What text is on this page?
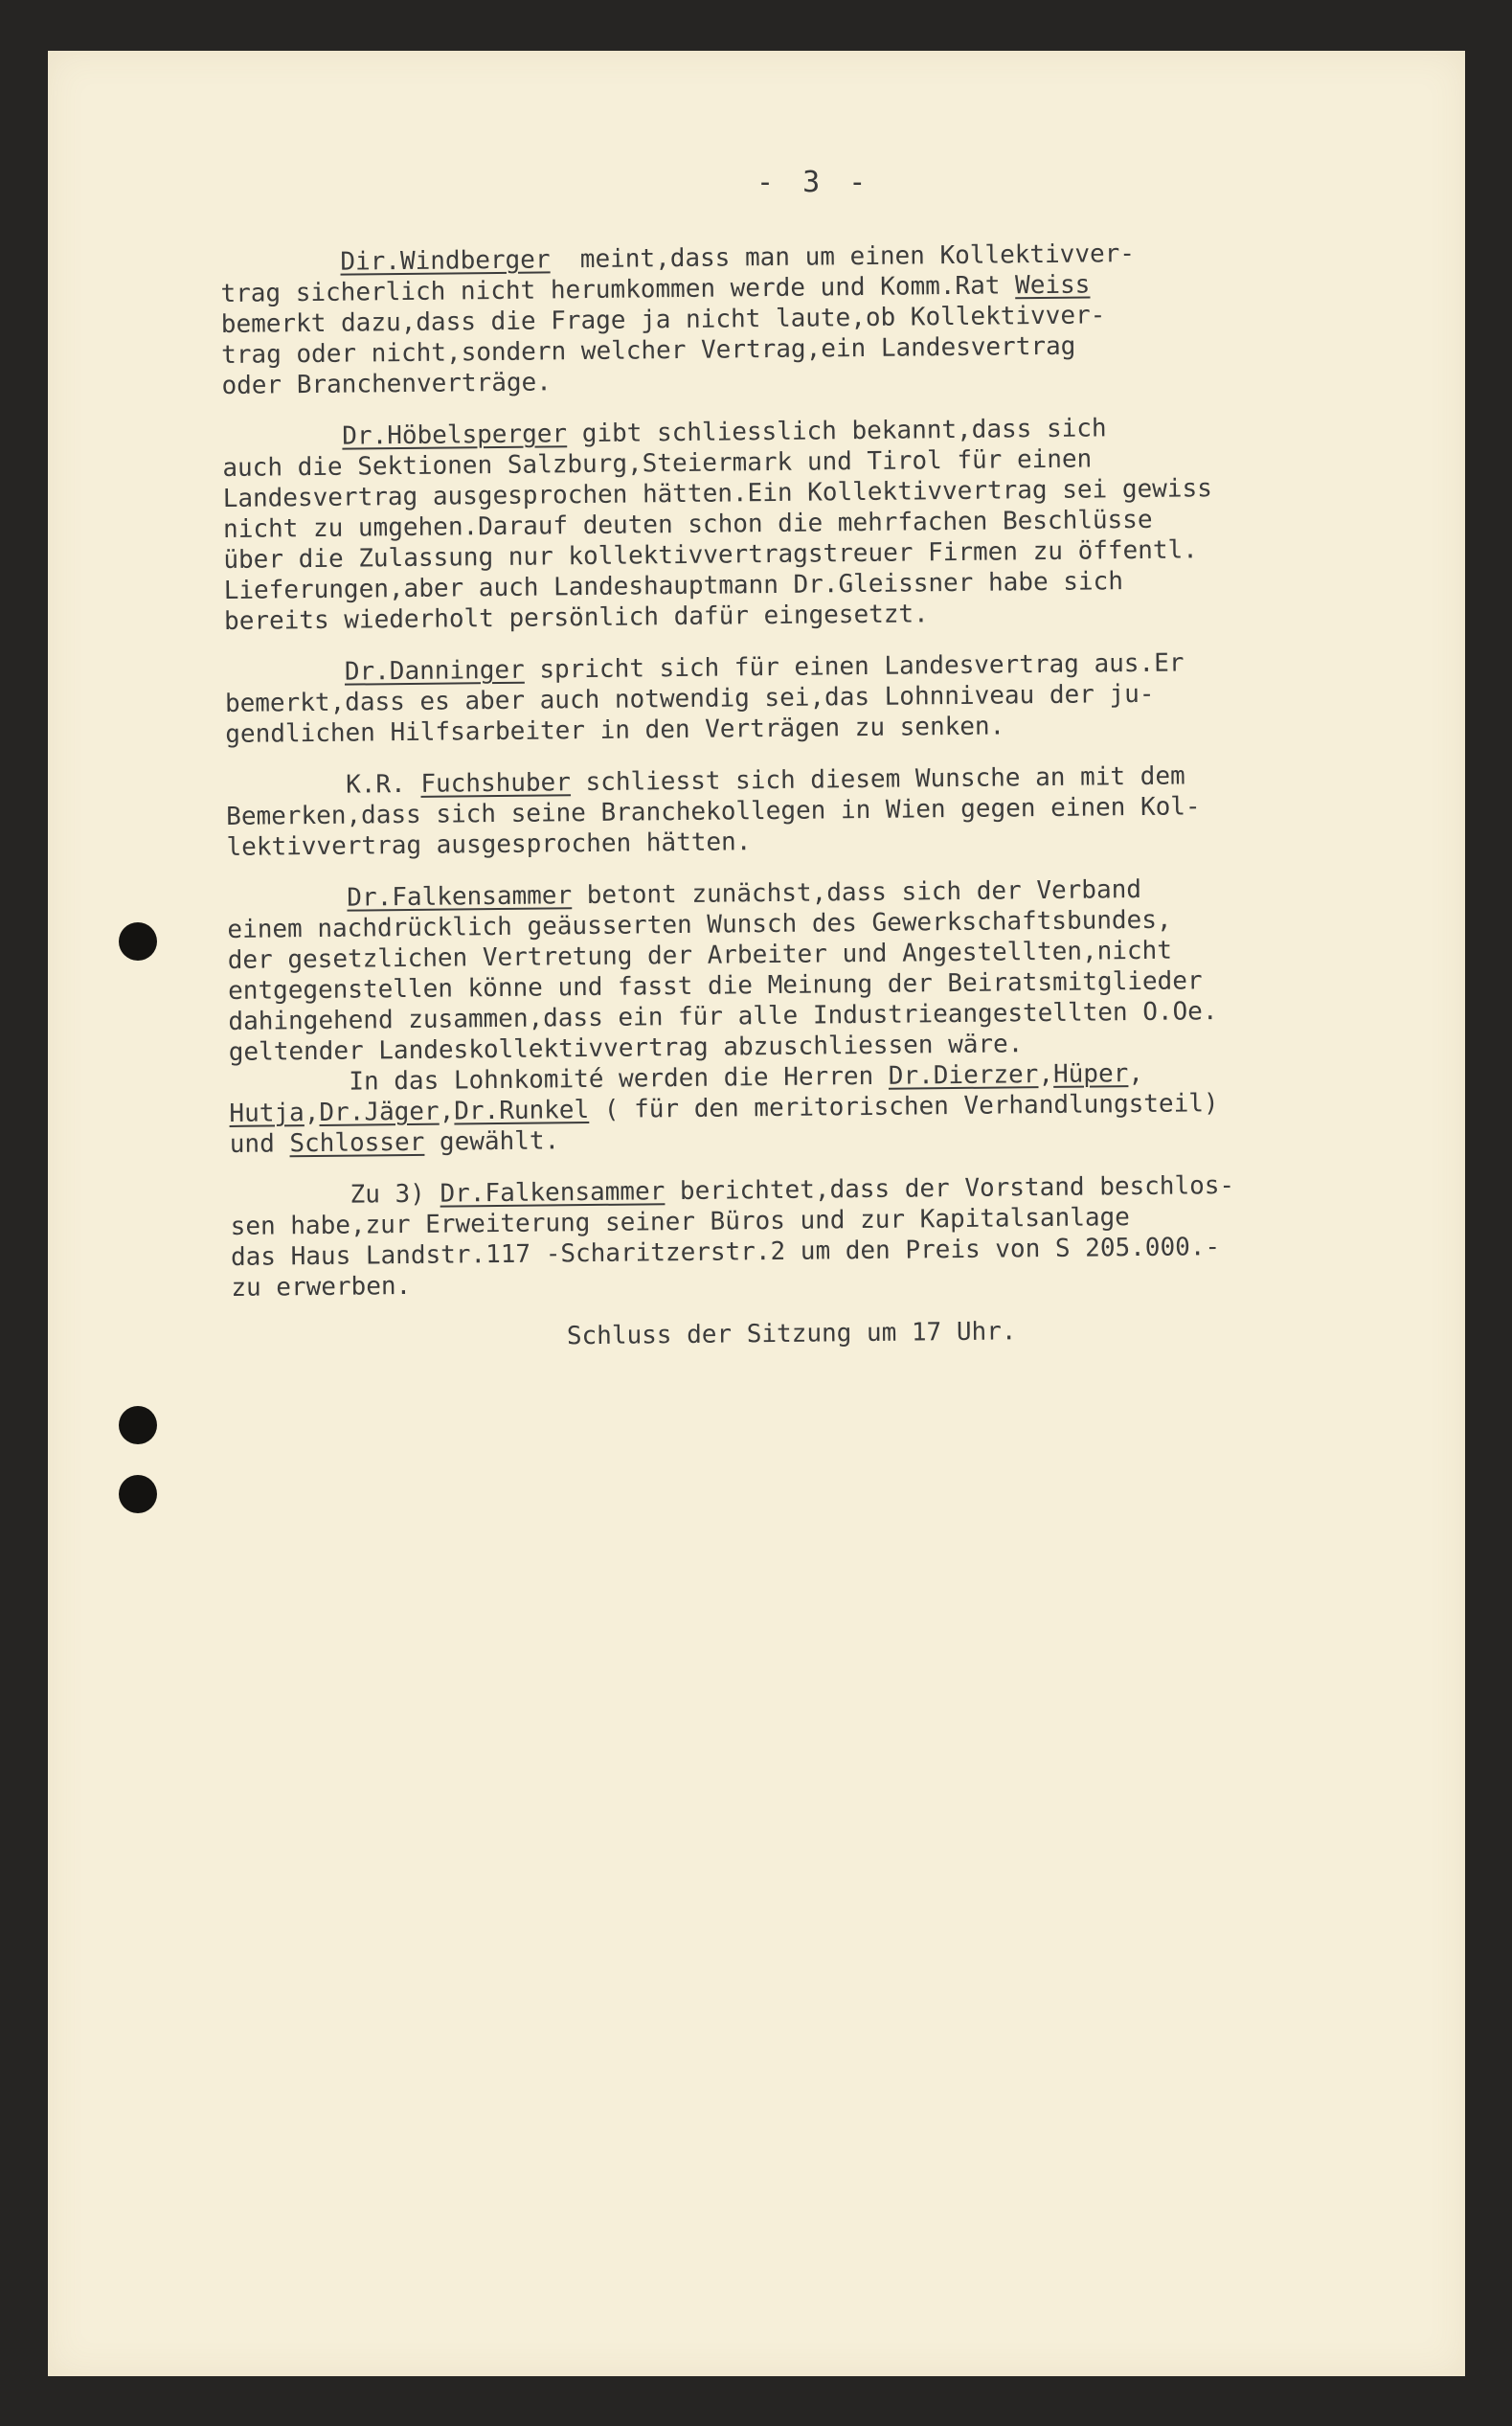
- 3 -
Dir.Windberger  meint,dass man um einen Kollektivver-
trag sicherlich nicht herumkommen werde und Komm.Rat Weiss
bemerkt dazu,dass die Frage ja nicht laute,ob Kollektivver-
trag oder nicht,sondern welcher Vertrag,ein Landesvertrag
oder Branchenverträge.
Dr.Höbelsperger gibt schliesslich bekannt,dass sich
auch die Sektionen Salzburg,Steiermark und Tirol für einen
Landesvertrag ausgesprochen hätten.Ein Kollektivvertrag sei gewiss
nicht zu umgehen.Darauf deuten schon die mehrfachen Beschlüsse
über die Zulassung nur kollektivvertragstreuer Firmen zu öffentl.
Lieferungen,aber auch Landeshauptmann Dr.Gleissner habe sich
bereits wiederholt persönlich dafür eingesetzt.
Dr.Danninger spricht sich für einen Landesvertrag aus.Er
bemerkt,dass es aber auch notwendig sei,das Lohnniveau der ju-
gendlichen Hilfsarbeiter in den Verträgen zu senken.
K.R. Fuchshuber schliesst sich diesem Wunsche an mit dem
Bemerken,dass sich seine Branchekollegen in Wien gegen einen Kol-
lektivvertrag ausgesprochen hätten.
Dr.Falkensammer betont zunächst,dass sich der Verband
einem nachdrücklich geäusserten Wunsch des Gewerkschaftsbundes,
der gesetzlichen Vertretung der Arbeiter und Angestellten,nicht
entgegenstellen könne und fasst die Meinung der Beiratsmitglieder
dahingehend zusammen,dass ein für alle Industrieangestellten O.Oe.
geltender Landeskollektivvertrag abzuschliessen wäre.
In das Lohnkomité werden die Herren Dr.Dierzer,Hüper,
Hutja,Dr.Jäger,Dr.Runkel ( für den meritorischen Verhandlungsteil)
und Schlosser gewählt.
Zu 3) Dr.Falkensammer berichtet,dass der Vorstand beschlos-
sen habe,zur Erweiterung seiner Büros und zur Kapitalsanlage
das Haus Landstr.117 -Scharitzerstr.2 um den Preis von S 205.000.-
zu erwerben.
Schluss der Sitzung um 17 Uhr.
